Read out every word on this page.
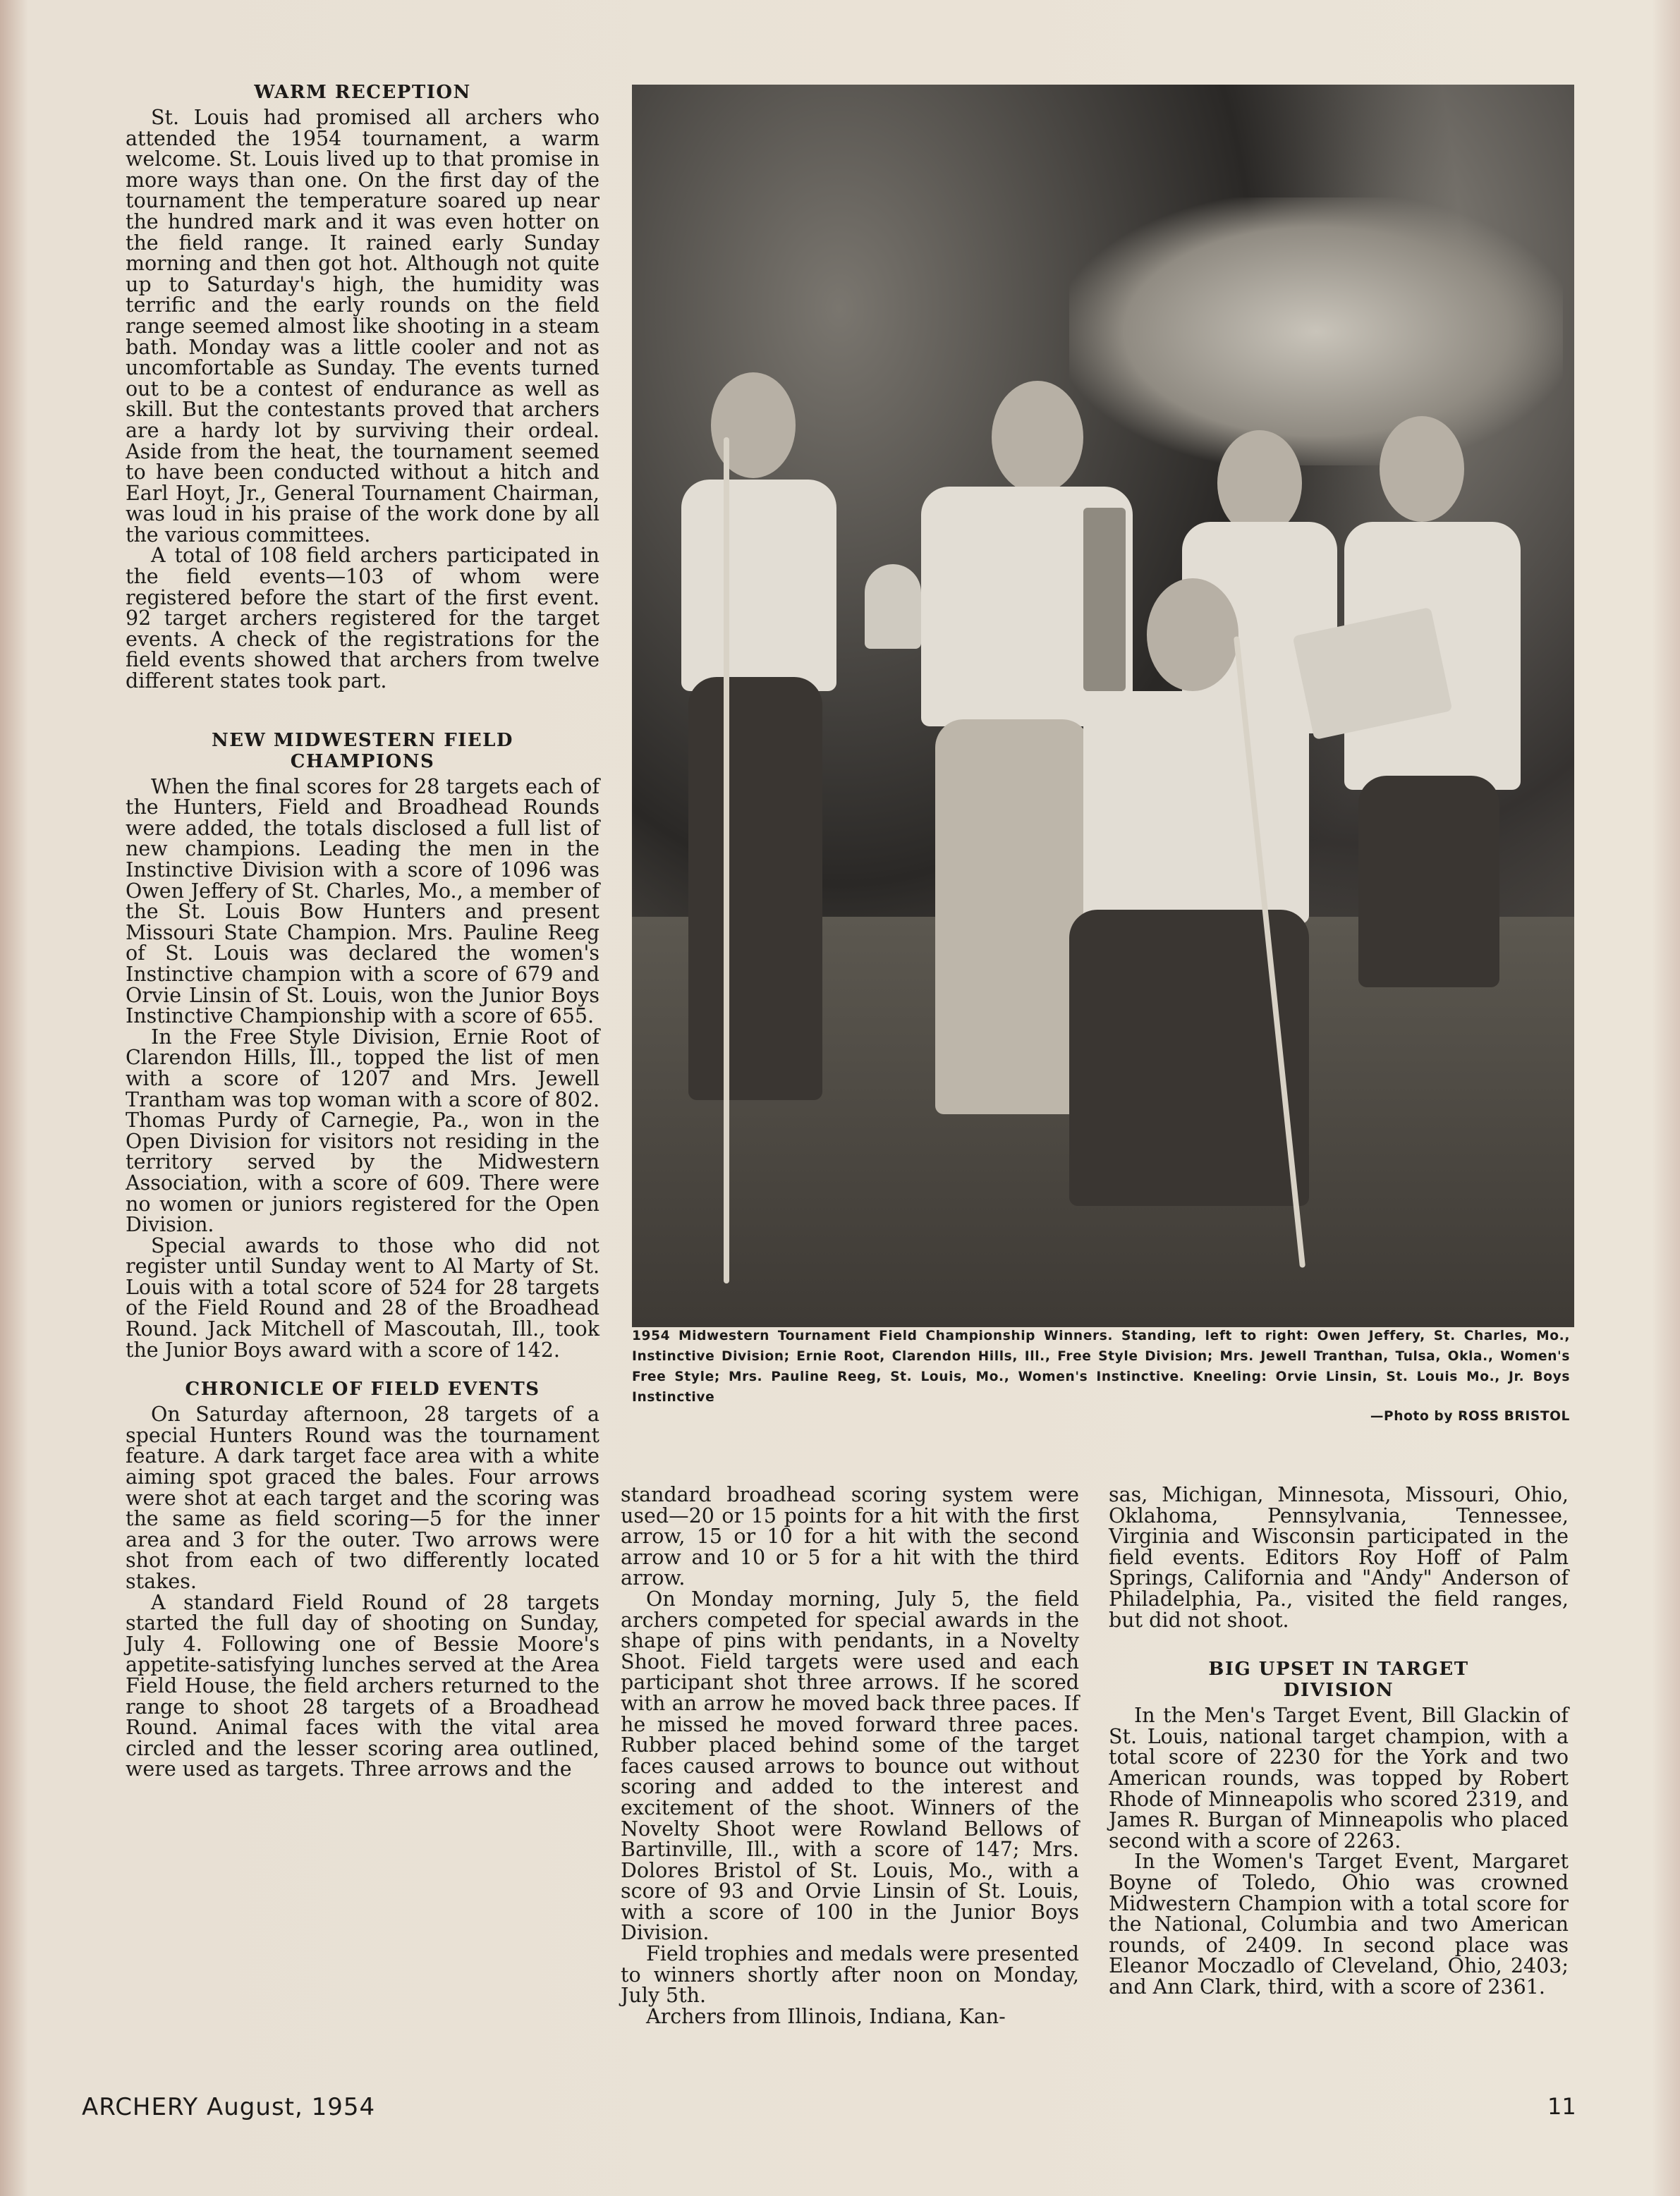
WARM RECEPTION

St. Louis had promised all archers who attended the 1954 tournament, a warm welcome. St. Louis lived up to that promise in more ways than one. On the first day of the tournament the temperature soared up near the hundred mark and it was even hotter on the field range. It rained early Sunday morning and then got hot. Although not quite up to Saturday's high, the humidity was terrific and the early rounds on the field range seemed almost like shooting in a steam bath. Monday was a little cooler and not as uncomfortable as Sunday. The events turned out to be a contest of endurance as well as skill. But the contestants proved that archers are a hardy lot by surviving their ordeal. Aside from the heat, the tournament seemed to have been conducted without a hitch and Earl Hoyt, Jr., General Tournament Chairman, was loud in his praise of the work done by all the various committees.

A total of 108 field archers participated in the field events—103 of whom were registered before the start of the first event. 92 target archers registered for the target events. A check of the registrations for the field events showed that archers from twelve different states took part.

NEW MIDWESTERN FIELD CHAMPIONS

When the final scores for 28 targets each of the Hunters, Field and Broadhead Rounds were added, the totals disclosed a full list of new champions. Leading the men in the Instinctive Division with a score of 1096 was Owen Jeffery of St. Charles, Mo., a member of the St. Louis Bow Hunters and present Missouri State Champion. Mrs. Pauline Reeg of St. Louis was declared the women's Instinctive champion with a score of 679 and Orvie Linsin of St. Louis, won the Junior Boys Instinctive Championship with a score of 655.

In the Free Style Division, Ernie Root of Clarendon Hills, Ill., topped the list of men with a score of 1207 and Mrs. Jewell Trantham was top woman with a score of 802. Thomas Purdy of Carnegie, Pa., won in the Open Division for visitors not residing in the territory served by the Midwestern Association, with a score of 609. There were no women or juniors registered for the Open Division.

Special awards to those who did not register until Sunday went to Al Marty of St. Louis with a total score of 524 for 28 targets of the Field Round and 28 of the Broadhead Round. Jack Mitchell of Mascoutah, Ill., took the Junior Boys award with a score of 142.

CHRONICLE OF FIELD EVENTS

On Saturday afternoon, 28 targets of a special Hunters Round was the tournament feature. A dark target face area with a white aiming spot graced the bales. Four arrows were shot at each target and the scoring was the same as field scoring—5 for the inner area and 3 for the outer. Two arrows were shot from each of two differently located stakes.

A standard Field Round of 28 targets started the full day of shooting on Sunday, July 4. Following one of Bessie Moore's appetite-satisfying lunches served at the Area Field House, the field archers returned to the range to shoot 28 targets of a Broadhead Round. Animal faces with the vital area circled and the lesser scoring area outlined, were used as targets. Three arrows and the

1954 Midwestern Tournament Field Championship Winners. Standing, left to right: Owen Jeffery, St. Charles, Mo., Instinctive Division; Ernie Root, Clarendon Hills, Ill., Free Style Division; Mrs. Jewell Tranthan, Tulsa, Okla., Women's Free Style; Mrs. Pauline Reeg, St. Louis, Mo., Women's Instinctive. Kneeling: Orvie Linsin, St. Louis Mo., Jr. Boys Instinctive
—Photo by ROSS BRISTOL

standard broadhead scoring system were used—20 or 15 points for a hit with the first arrow, 15 or 10 for a hit with the second arrow and 10 or 5 for a hit with the third arrow.

On Monday morning, July 5, the field archers competed for special awards in the shape of pins with pendants, in a Novelty Shoot. Field targets were used and each participant shot three arrows. If he scored with an arrow he moved back three paces. If he missed he moved forward three paces. Rubber placed behind some of the target faces caused arrows to bounce out without scoring and added to the interest and excitement of the shoot. Winners of the Novelty Shoot were Rowland Bellows of Bartinville, Ill., with a score of 147; Mrs. Dolores Bristol of St. Louis, Mo., with a score of 93 and Orvie Linsin of St. Louis, with a score of 100 in the Junior Boys Division.

Field trophies and medals were presented to winners shortly after noon on Monday, July 5th.

Archers from Illinois, Indiana, Kan-

sas, Michigan, Minnesota, Missouri, Ohio, Oklahoma, Pennsylvania, Tennessee, Virginia and Wisconsin participated in the field events. Editors Roy Hoff of Palm Springs, California and "Andy" Anderson of Philadelphia, Pa., visited the field ranges, but did not shoot.

BIG UPSET IN TARGET DIVISION

In the Men's Target Event, Bill Glackin of St. Louis, national target champion, with a total score of 2230 for the York and two American rounds, was topped by Robert Rhode of Minneapolis who scored 2319, and James R. Burgan of Minneapolis who placed second with a score of 2263.

In the Women's Target Event, Margaret Boyne of Toledo, Ohio was crowned Midwestern Champion with a total score for the National, Columbia and two American rounds, of 2409. In second place was Eleanor Moczadlo of Cleveland, Ohio, 2403; and Ann Clark, third, with a score of 2361.

ARCHERY August, 1954	11
